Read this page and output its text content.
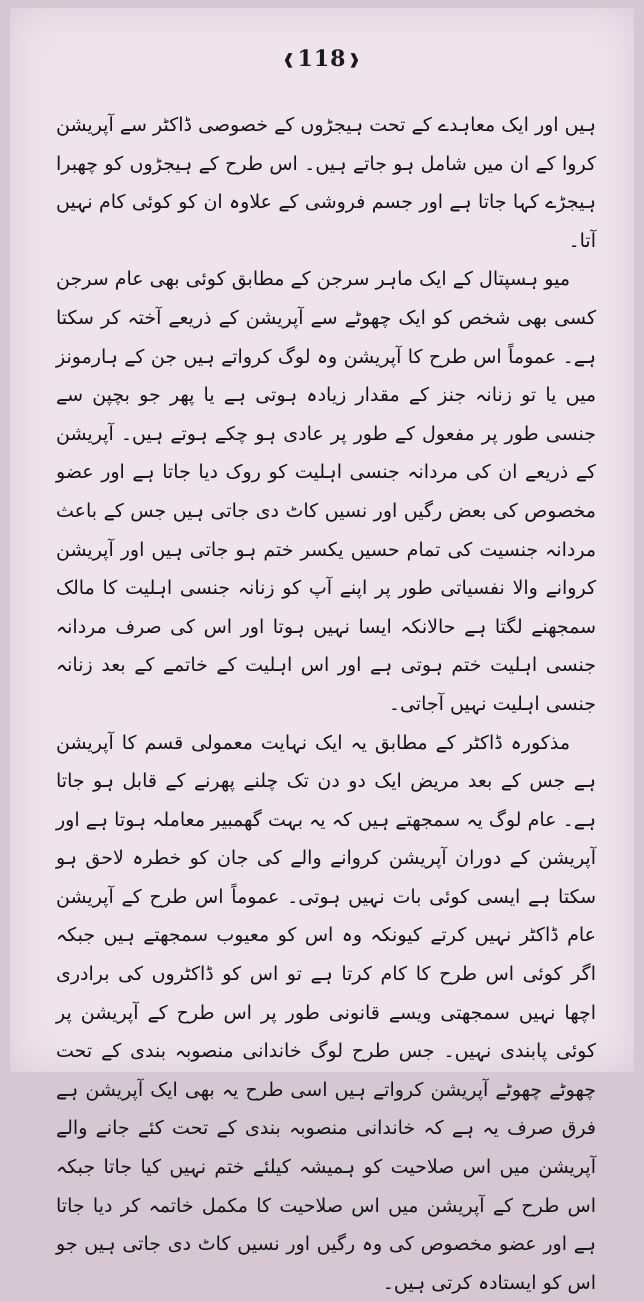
❰118 ❱

ہیں اور ایک معاہدے کے تحت ہیجڑوں کے خصوصی ڈاکٹر سے آپریشن کروا کے ان میں شامل ہو جاتے ہیں۔ اس طرح کے ہیجڑوں کو چھبرا ہیجڑے کہا جاتا ہے اور جسم فروشی کے علاوہ ان کو کوئی کام نہیں آتا۔

میو ہسپتال کے ایک ماہر سرجن کے مطابق کوئی بھی عام سرجن کسی بھی شخص کو ایک چھوٹے سے آپریشن کے ذریعے آختہ کر سکتا ہے۔ عموماً اس طرح کا آپریشن وہ لوگ کرواتے ہیں جن کے ہارمونز میں یا تو زنانہ جنز کے مقدار زیادہ ہوتی ہے یا پھر جو بچپن سے جنسی طور پر مفعول کے طور پر عادی ہو چکے ہوتے ہیں۔ آپریشن کے ذریعے ان کی مردانہ جنسی اہلیت کو روک دیا جاتا ہے اور عضو مخصوص کی بعض رگیں اور نسیں کاٹ دی جاتی ہیں جس کے باعث مردانہ جنسیت کی تمام حسیں یکسر ختم ہو جاتی ہیں اور آپریشن کروانے والا نفسیاتی طور پر اپنے آپ کو زنانہ جنسی اہلیت کا مالک سمجھنے لگتا ہے حالانکہ ایسا نہیں ہوتا اور اس کی صرف مردانہ جنسی اہلیت ختم ہوتی ہے اور اس اہلیت کے خاتمے کے بعد زنانہ جنسی اہلیت نہیں آجاتی۔

مذکورہ ڈاکٹر کے مطابق یہ ایک نہایت معمولی قسم کا آپریشن ہے جس کے بعد مریض ایک دو دن تک چلنے پھرنے کے قابل ہو جاتا ہے۔ عام لوگ یہ سمجھتے ہیں کہ یہ بہت گھمبیر معاملہ ہوتا ہے اور آپریشن کے دوران آپریشن کروانے والے کی جان کو خطرہ لاحق ہو سکتا ہے ایسی کوئی بات نہیں ہوتی۔ عموماً اس طرح کے آپریشن عام ڈاکٹر نہیں کرتے کیونکہ وہ اس کو معیوب سمجھتے ہیں جبکہ اگر کوئی اس طرح کا کام کرتا ہے تو اس کو ڈاکٹروں کی برادری اچھا نہیں سمجھتی ویسے قانونی طور پر اس طرح کے آپریشن پر کوئی پابندی نہیں۔ جس طرح لوگ خاندانی منصوبہ بندی کے تحت چھوٹے چھوٹے آپریشن کرواتے ہیں اسی طرح یہ بھی ایک آپریشن ہے فرق صرف یہ ہے کہ خاندانی منصوبہ بندی کے تحت کئے جانے والے آپریشن میں اس صلاحیت کو ہمیشہ کیلئے ختم نہیں کیا جاتا جبکہ اس طرح کے آپریشن میں اس صلاحیت کا مکمل خاتمہ کر دیا جاتا ہے اور عضو مخصوص کی وہ رگیں اور نسیں کاٹ دی جاتی ہیں جو اس کو ایستادہ کرتی ہیں۔
